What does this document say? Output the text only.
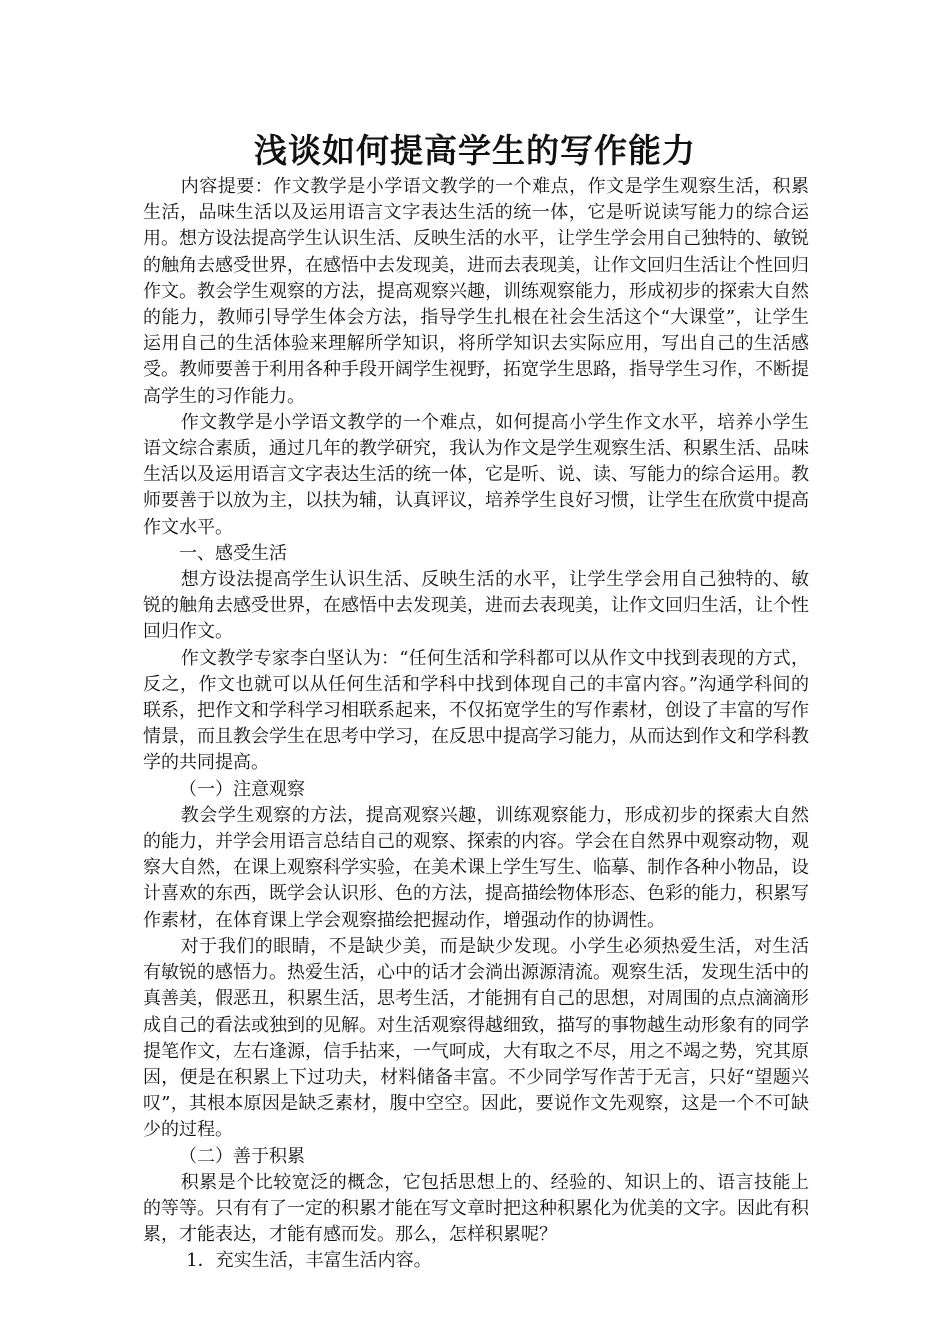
浅谈如何提高学生的写作能力

内容提要：作文教学是小学语文教学的一个难点，作文是学生观察生活，积累生活，品味生活以及运用语言文字表达生活的统一体，它是听说读写能力的综合运用。想方设法提高学生认识生活、反映生活的水平，让学生学会用自己独特的、敏锐的触角去感受世界，在感悟中去发现美，进而去表现美，让作文回归生活让个性回归作文。教会学生观察的方法，提高观察兴趣，训练观察能力，形成初步的探索大自然的能力，教师引导学生体会方法，指导学生扎根在社会生活这个“大课堂”，让学生运用自己的生活体验来理解所学知识，将所学知识去实际应用，写出自己的生活感受。教师要善于利用各种手段开阔学生视野，拓宽学生思路，指导学生习作，不断提高学生的习作能力。

作文教学是小学语文教学的一个难点，如何提高小学生作文水平，培养小学生语文综合素质，通过几年的教学研究，我认为作文是学生观察生活、积累生活、品味生活以及运用语言文字表达生活的统一体，它是听、说、读、写能力的综合运用。教师要善于以放为主，以扶为辅，认真评议，培养学生良好习惯，让学生在欣赏中提高作文水平。

一、感受生活

想方设法提高学生认识生活、反映生活的水平，让学生学会用自己独特的、敏锐的触角去感受世界，在感悟中去发现美，进而去表现美，让作文回归生活，让个性回归作文。

作文教学专家李白坚认为：“任何生活和学科都可以从作文中找到表现的方式，反之，作文也就可以从任何生活和学科中找到体现自己的丰富内容。”沟通学科间的联系，把作文和学科学习相联系起来，不仅拓宽学生的写作素材，创设了丰富的写作情景，而且教会学生在思考中学习，在反思中提高学习能力，从而达到作文和学科教学的共同提高。

（一）注意观察

教会学生观察的方法，提高观察兴趣，训练观察能力，形成初步的探索大自然的能力，并学会用语言总结自己的观察、探索的内容。学会在自然界中观察动物，观察大自然，在课上观察科学实验，在美术课上学生写生、临摹、制作各种小物品，设计喜欢的东西，既学会认识形、色的方法，提高描绘物体形态、色彩的能力，积累写作素材，在体育课上学会观察描绘把握动作，增强动作的协调性。

对于我们的眼睛，不是缺少美，而是缺少发现。小学生必须热爱生活，对生活有敏锐的感悟力。热爱生活，心中的话才会淌出源源清流。观察生活，发现生活中的真善美，假恶丑，积累生活，思考生活，才能拥有自己的思想，对周围的点点滴滴形成自己的看法或独到的见解。对生活观察得越细致，描写的事物越生动形象有的同学提笔作文，左右逢源，信手拈来，一气呵成，大有取之不尽，用之不竭之势，究其原因，便是在积累上下过功夫，材料储备丰富。不少同学写作苦于无言，只好“望题兴叹”，其根本原因是缺乏素材，腹中空空。因此，要说作文先观察，这是一个不可缺少的过程。

（二）善于积累

积累是个比较宽泛的概念，它包括思想上的、经验的、知识上的、语言技能上的等等。只有有了一定的积累才能在写文章时把这种积累化为优美的文字。因此有积累，才能表达，才能有感而发。那么，怎样积累呢？

1．充实生活，丰富生活内容。
